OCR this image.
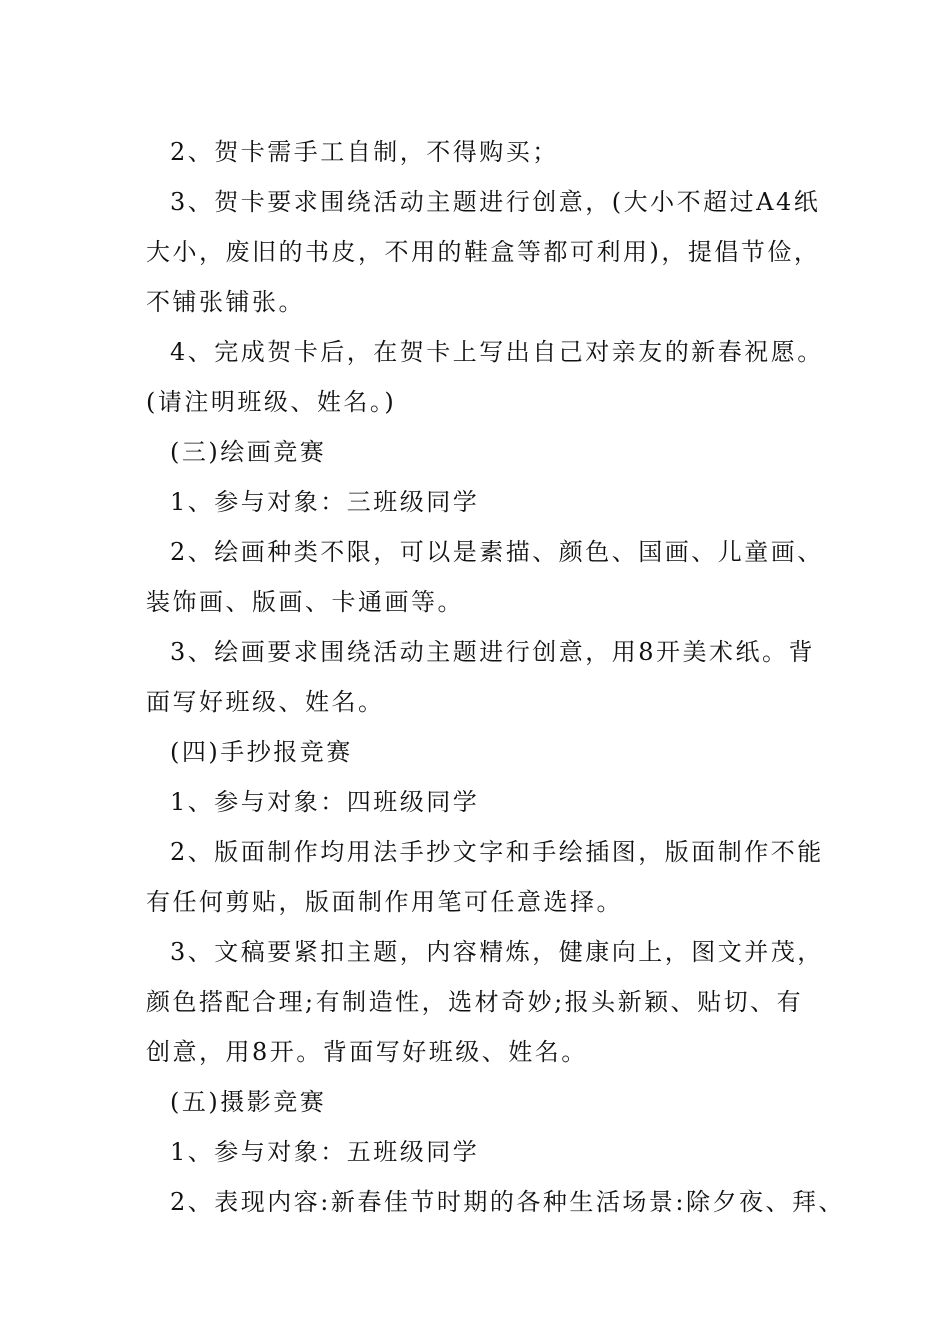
2、贺卡需手工自制，不得购买；
3、贺卡要求围绕活动主题进行创意，(大小不超过A4纸
大小，废旧的书皮，不用的鞋盒等都可利用)，提倡节俭，
不铺张铺张。
4、完成贺卡后，在贺卡上写出自己对亲友的新春祝愿。
(请注明班级、姓名。)
(三)绘画竞赛
1、参与对象：三班级同学
2、绘画种类不限，可以是素描、颜色、国画、儿童画、
装饰画、版画、卡通画等。
3、绘画要求围绕活动主题进行创意，用8开美术纸。背
面写好班级、姓名。
(四)手抄报竞赛
1、参与对象：四班级同学
2、版面制作均用法手抄文字和手绘插图，版面制作不能
有任何剪贴，版面制作用笔可任意选择。
3、文稿要紧扣主题，内容精炼，健康向上，图文并茂，
颜色搭配合理;有制造性，选材奇妙;报头新颖、贴切、有
创意，用8开。背面写好班级、姓名。
(五)摄影竞赛
1、参与对象：五班级同学
2、表现内容:新春佳节时期的各种生活场景:除夕夜、拜、
